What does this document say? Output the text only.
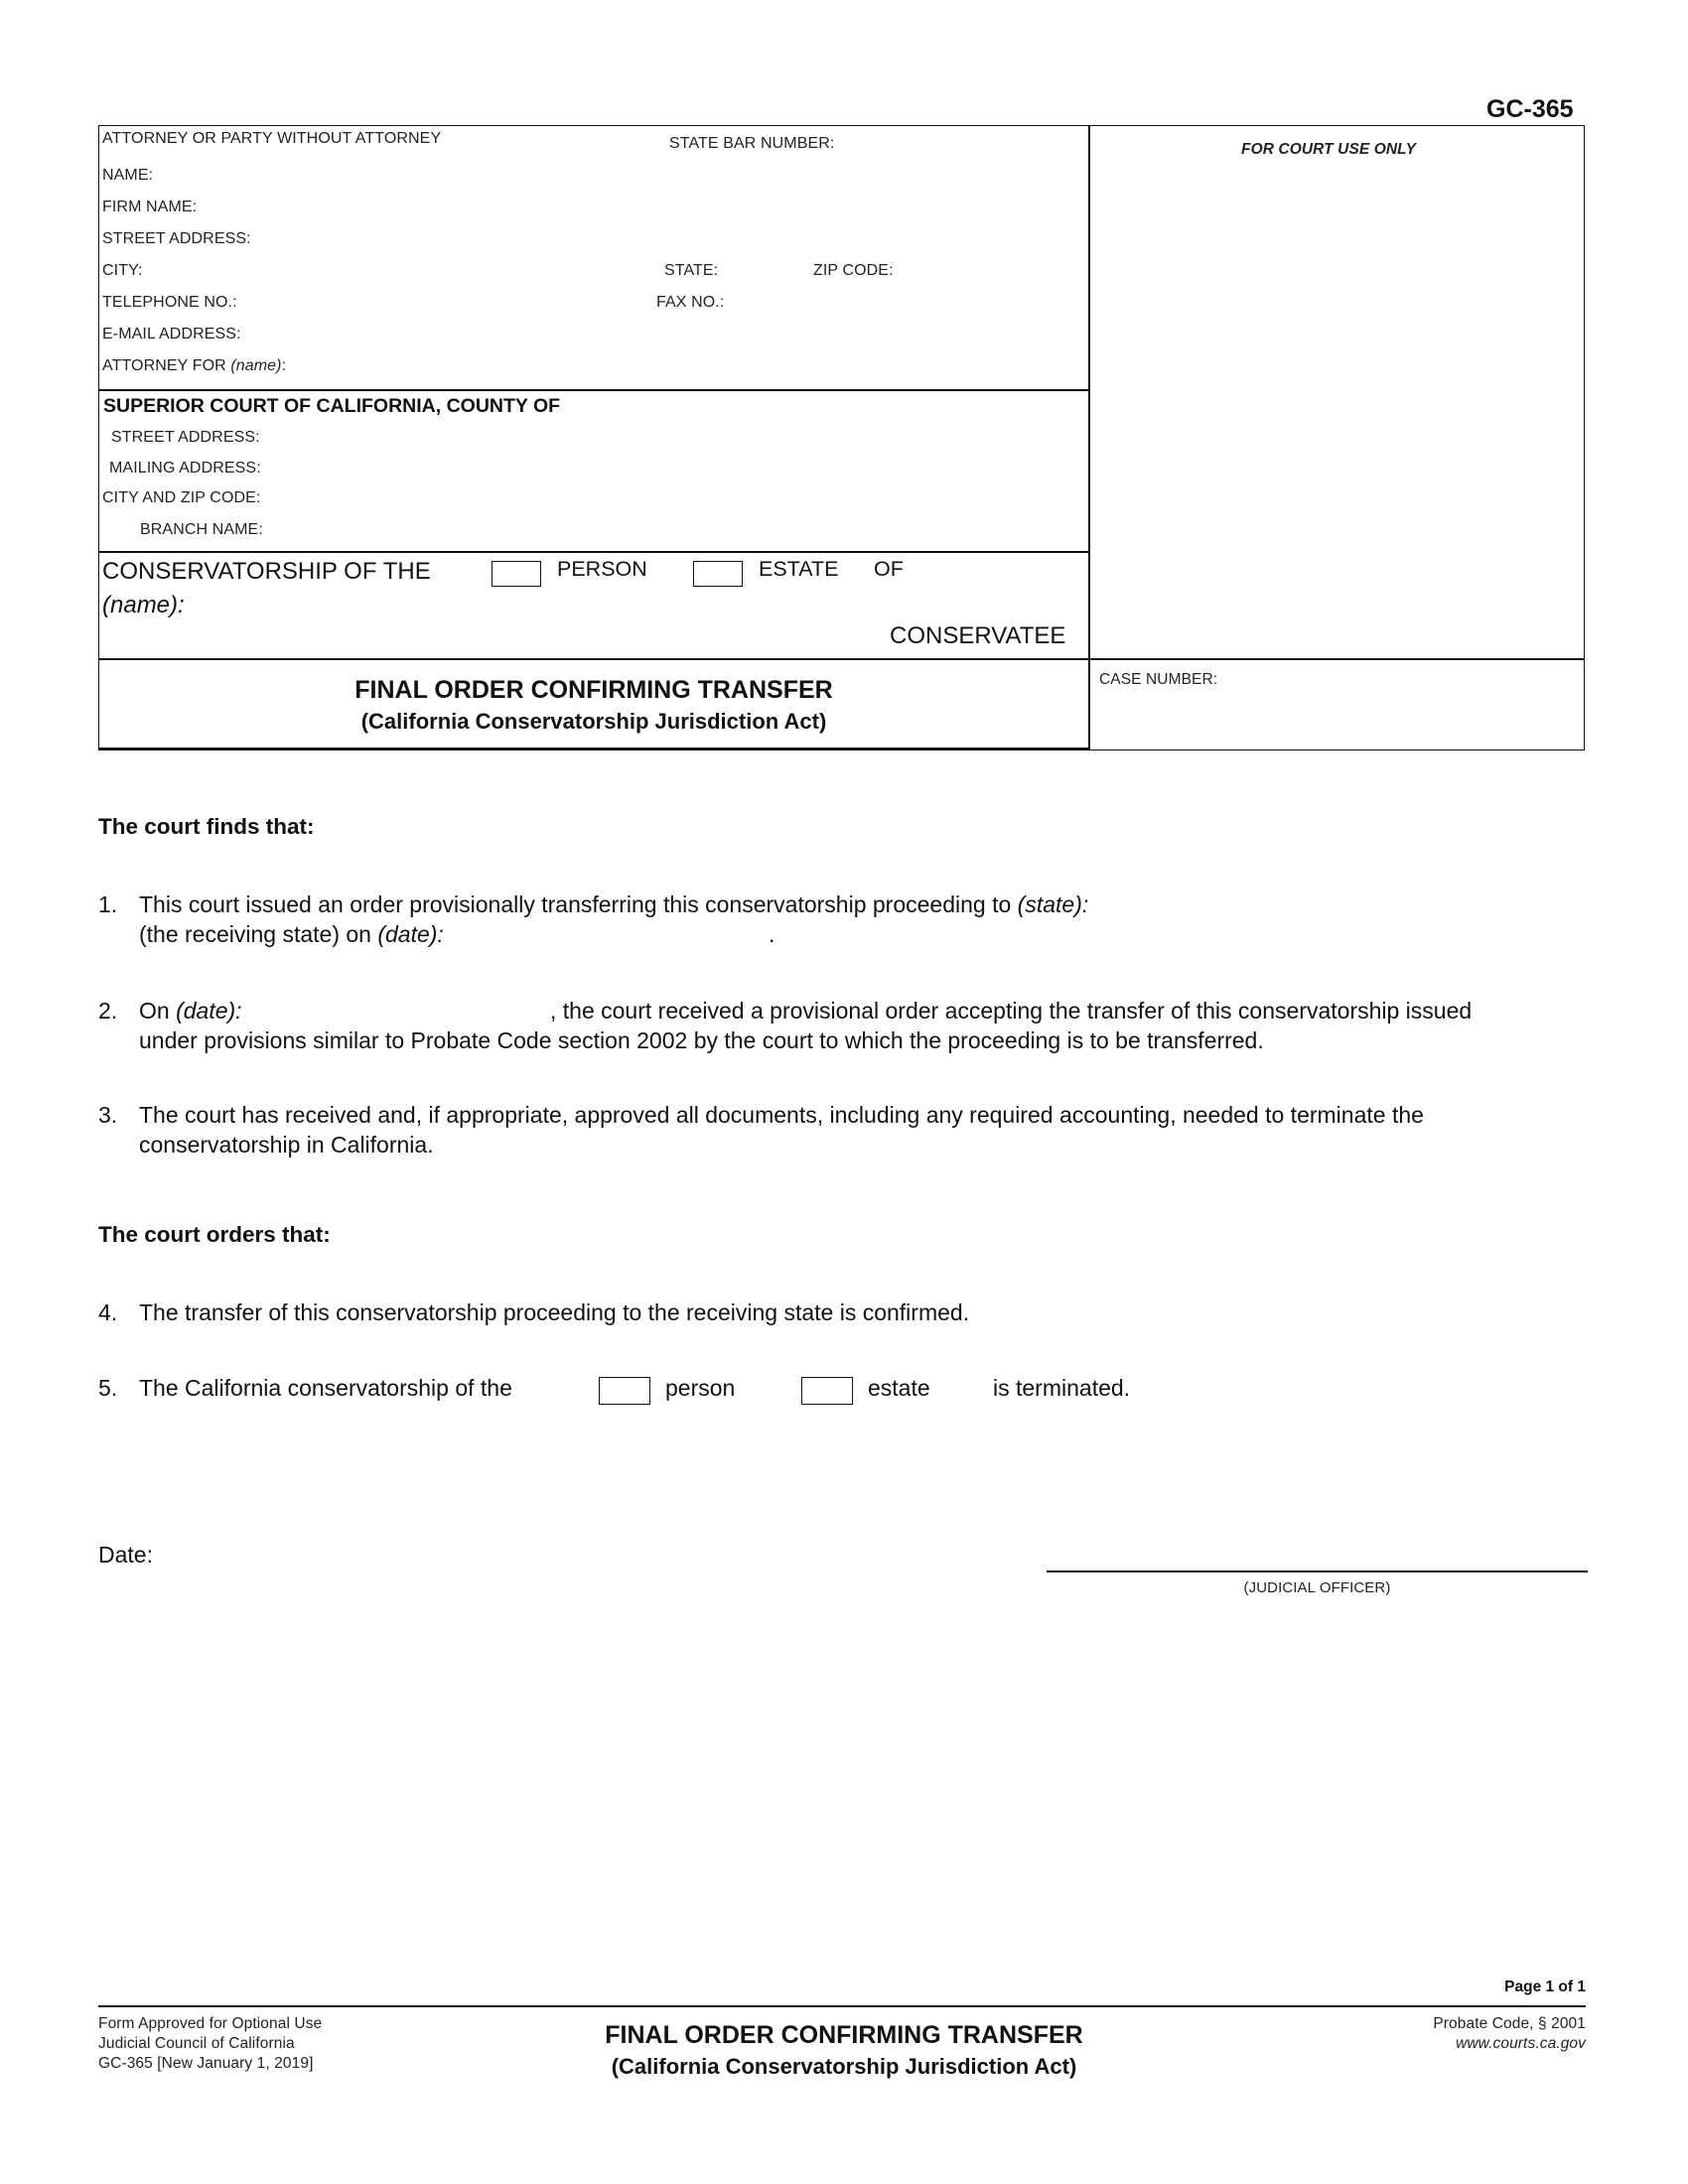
GC-365
ATTORNEY OR PARTY WITHOUT ATTORNEY	STATE BAR NUMBER:	FOR COURT USE ONLY
NAME:
FIRM NAME:
STREET ADDRESS:
CITY:	STATE:	ZIP CODE:
TELEPHONE NO.:	FAX NO.:
E-MAIL ADDRESS:
ATTORNEY FOR (name):
SUPERIOR COURT OF CALIFORNIA, COUNTY OF
STREET ADDRESS:
MAILING ADDRESS:
CITY AND ZIP CODE:
BRANCH NAME:
CONSERVATORSHIP OF THE	PERSON	ESTATE OF
(name):
CONSERVATEE
FINAL ORDER CONFIRMING TRANSFER
(California Conservatorship Jurisdiction Act)
CASE NUMBER:
The court finds that:
1. This court issued an order provisionally transferring this conservatorship proceeding to (state):
(the receiving state) on (date):	.
2. On (date):	, the court received a provisional order accepting the transfer of this conservatorship issued
under provisions similar to Probate Code section 2002 by the court to which the proceeding is to be transferred.
3. The court has received and, if appropriate, approved all documents, including any required accounting, needed to terminate the
conservatorship in California.
The court orders that:
4. The transfer of this conservatorship proceeding to the receiving state is confirmed.
5. The California conservatorship of the	person	estate	is terminated.
Date:
(JUDICIAL OFFICER)
Page 1 of 1
Form Approved for Optional Use
Judicial Council of California
GC-365 [New January 1, 2019]
FINAL ORDER CONFIRMING TRANSFER
(California Conservatorship Jurisdiction Act)
Probate Code, § 2001
www.courts.ca.gov
